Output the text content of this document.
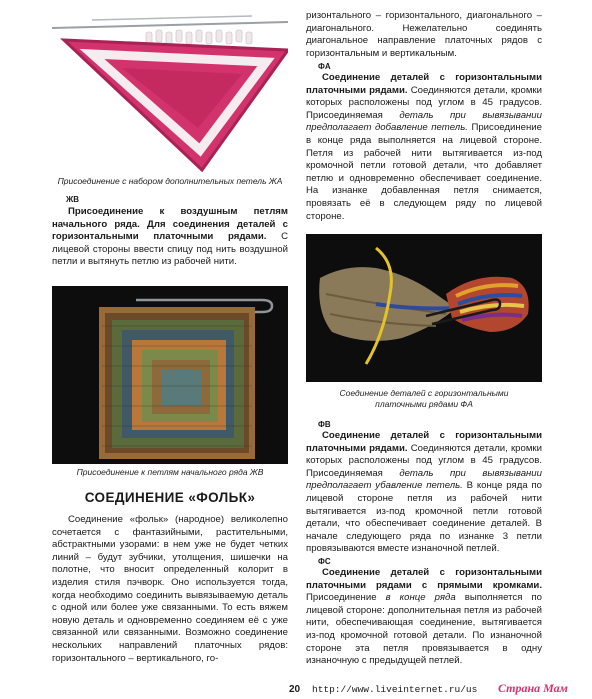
Присоединение с набором дополнительных петель ЖA
ЖB

Присоединение к воздушным петлям начального ряда. Для соединения деталей с горизонтальными платочными рядами. С лицевой стороны ввести спицу под нить воздушной петли и вытянуть петлю из рабочей нити.

Присоединение к петлям начального ряда ЖB
СОЕДИНЕНИЕ «ФОЛЬК»

Соединение «фольк» (народное) великолепно сочетается с фантазийными, растительными, абстрактными узорами: в нем уже не будет четких линий – будут зубчики, утолщения, шишечки на полотне, что вносит определенный колорит в изделия стиля пэчворк. Оно используется тогда, когда необходимо соединить вывязываемую деталь с одной или более уже связанными. То есть вяжем новую деталь и одновременно соединяем её с уже связанной или связанными. Возможно соединение нескольких направлений платочных рядов: горизонтального – вертикального, го-

ризонтального – горизонтального, диагонального – диагонального. Нежелательно соединять диагональное направление платочных рядов с горизонтальным и вертикальным.

ФA

Соединение деталей с горизонтальными платочными рядами. Соединяются детали, кромки которых расположены под углом в 45 градусов. Присоединяемая деталь при вывязывании предполагает добавление петель. Присоединение в конце ряда выполняется на лицевой стороне. Петля из рабочей нити вытягивается из-под кромочной петли готовой детали, что добавляет петлю и одновременно обеспечивает соединение. На изнанке добавленная петля снимается, провязать её в следующем ряду по лицевой стороне.

Соединение деталей с горизонтальными
платочными рядами ФA
ФB

Соединение деталей с горизонтальными платочными рядами. Соединяются детали, кромки которых расположены под углом в 45 градусов. Присоединяемая деталь при вывязывании предполагает убавление петель. В конце ряда по лицевой стороне петля из рабочей нити вытягивается из-под кромочной петли готовой детали, что обеспечивает соединение деталей. В начале следующего ряда по изнанке 3 петли провязываются вместе изнаночной петлей.

ФC

Соединение деталей с горизонтальными платочными рядами с прямыми кромками. Присоединение в конце ряда выполняется по лицевой стороне: дополнительная петля из рабочей нити, обеспечивающая соединение, вытягивается из-под кромочной готовой детали. По изнаночной стороне эта петля провязывается в одну изнаночную с предыдущей петлей.

20 http://www.liveinternet.ru/us Страна Мам
